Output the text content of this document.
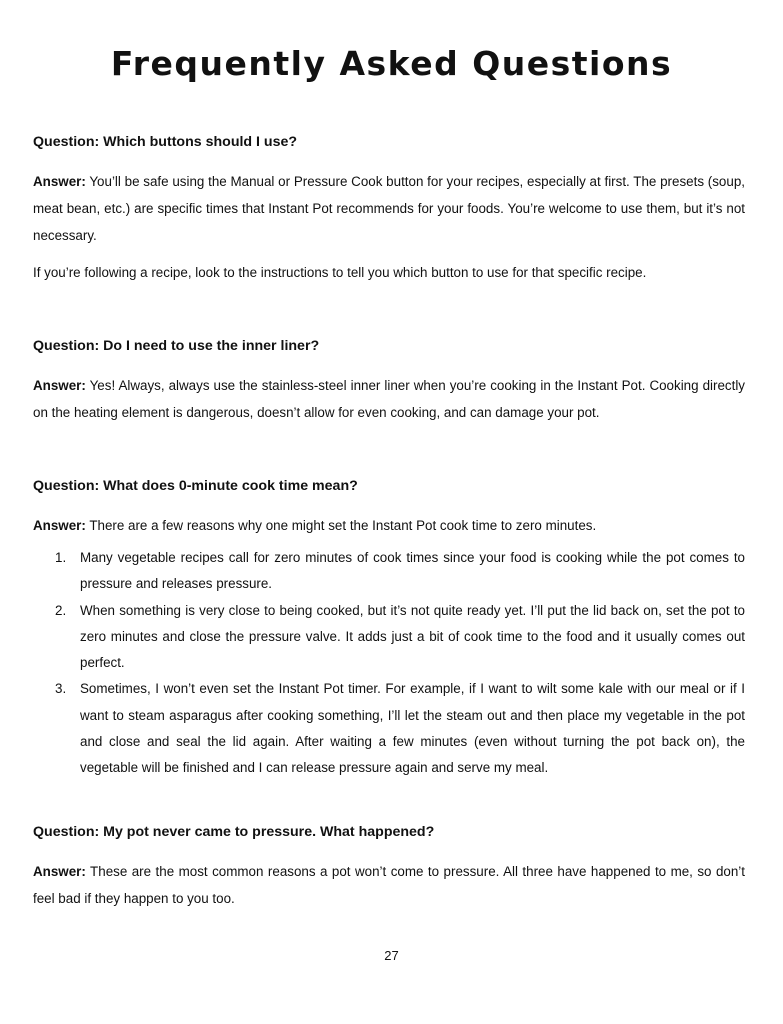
Frequently Asked Questions

Question: Which buttons should I use?

Answer: You’ll be safe using the Manual or Pressure Cook button for your recipes, especially at first. The presets (soup, meat bean, etc.) are specific times that Instant Pot recommends for your foods. You’re welcome to use them, but it’s not necessary.

If you’re following a recipe, look to the instructions to tell you which button to use for that specific recipe.

Question: Do I need to use the inner liner?

Answer: Yes! Always, always use the stainless-steel inner liner when you’re cooking in the Instant Pot. Cooking directly on the heating element is dangerous, doesn’t allow for even cooking, and can damage your pot.

Question: What does 0-minute cook time mean?

Answer: There are a few reasons why one might set the Instant Pot cook time to zero minutes.

1. Many vegetable recipes call for zero minutes of cook times since your food is cooking while the pot comes to pressure and releases pressure.
2. When something is very close to being cooked, but it’s not quite ready yet. I’ll put the lid back on, set the pot to zero minutes and close the pressure valve. It adds just a bit of cook time to the food and it usually comes out perfect.
3. Sometimes, I won’t even set the Instant Pot timer. For example, if I want to wilt some kale with our meal or if I want to steam asparagus after cooking something, I’ll let the steam out and then place my vegetable in the pot and close and seal the lid again. After waiting a few minutes (even without turning the pot back on), the vegetable will be finished and I can release pressure again and serve my meal.

Question: My pot never came to pressure. What happened?

Answer: These are the most common reasons a pot won’t come to pressure. All three have happened to me, so don’t feel bad if they happen to you too.

27
